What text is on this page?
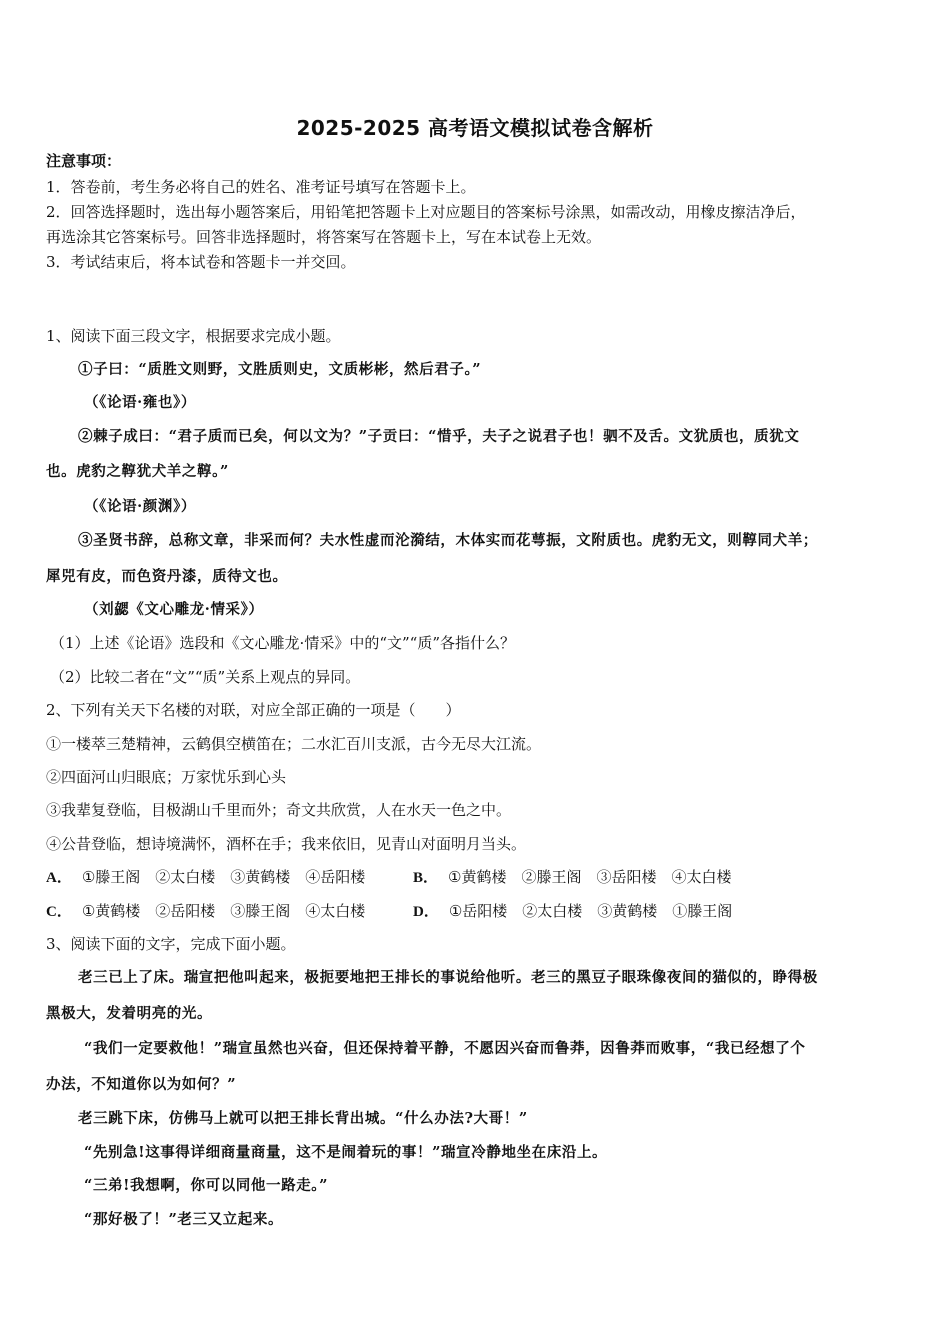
2025-2025 高考语文模拟试卷含解析
注意事项：
1．答卷前，考生务必将自己的姓名、准考证号填写在答题卡上。
2．回答选择题时，选出每小题答案后，用铅笔把答题卡上对应题目的答案标号涂黑，如需改动，用橡皮擦洁净后，
再选涂其它答案标号。回答非选择题时，将答案写在答题卡上，写在本试卷上无效。
3．考试结束后，将本试卷和答题卡一并交回。
1、阅读下面三段文字，根据要求完成小题。
①子曰：“质胜文则野，文胜质则史，文质彬彬，然后君子。”
（《论语·雍也》）
②棘子成曰：“君子质而已矣，何以文为？”子贡曰：“惜乎，夫子之说君子也！驷不及舌。文犹质也，质犹文
也。虎豹之鞟犹犬羊之鞟。”
（《论语·颜渊》）
③圣贤书辞，总称文章，非采而何？夫水性虚而沦漪结，木体实而花萼振，文附质也。虎豹无文，则鞟同犬羊；
犀兕有皮，而色资丹漆，质待文也。
（刘勰《文心雕龙·情采》）
（1）上述《论语》选段和《文心雕龙·情采》中的“文”“质”各指什么？
（2）比较二者在“文”“质”关系上观点的异同。
2、下列有关天下名楼的对联，对应全部正确的一项是（　　）
①一楼萃三楚精神，云鹤俱空横笛在；二水汇百川支派，古今无尽大江流。
②四面河山归眼底；万家忧乐到心头
③我辈复登临，目极湖山千里而外；奇文共欣赏，人在水天一色之中。
④公昔登临，想诗境满怀，酒杯在手；我来依旧，见青山对面明月当头。
A． ①滕王阁　②太白楼　③黄鹤楼　④岳阳楼	B． ①黄鹤楼　②滕王阁　③岳阳楼　④太白楼
C． ①黄鹤楼　②岳阳楼　③滕王阁　④太白楼	D． ①岳阳楼　②太白楼　③黄鹤楼　①滕王阁
3、阅读下面的文字，完成下面小题。
老三已上了床。瑞宣把他叫起来，极扼要地把王排长的事说给他听。老三的黑豆子眼珠像夜间的猫似的，睁得极
黑极大，发着明亮的光。
“我们一定要救他！”瑞宣虽然也兴奋，但还保持着平静，不愿因兴奋而鲁莽，因鲁莽而败事，“我已经想了个
办法，不知道你以为如何？”
老三跳下床，仿佛马上就可以把王排长背出城。“什么办法?大哥！”
“先别急!这事得详细商量商量，这不是闹着玩的事！”瑞宣冷静地坐在床沿上。
“三弟!我想啊，你可以同他一路走。”
“那好极了！”老三又立起来。
